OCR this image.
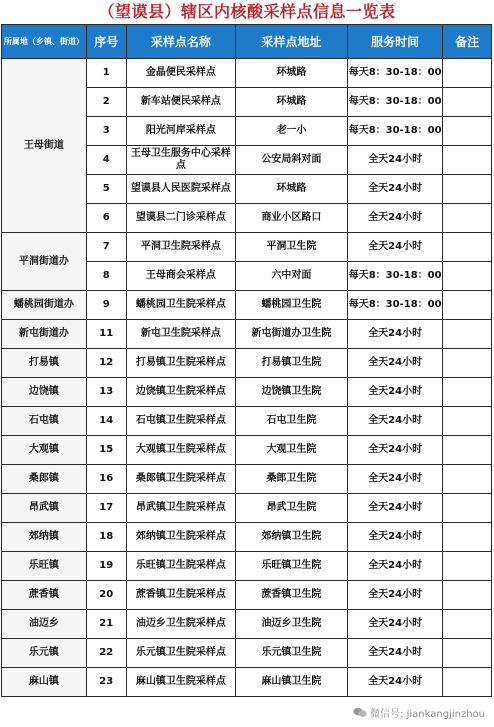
（望谟县）辖区内核酸采样点信息一览表
所属地（乡镇、街道）	序号	采样点名称	采样点地址	服务时间	备注
王母街道	1	金晶便民采样点	环城路	每天8：30-18：00	
	2	新车站便民采样点	环城路	每天8：30-18：00	
	3	阳光河岸采样点	老一小	每天8：30-18：00	
	4	王母卫生服务中心采样点	公安局斜对面	全天24小时	
	5	望谟县人民医院采样点	环城路	全天24小时	
	6	望谟县二门诊采样点	商业小区路口	全天24小时	
平洞街道办	7	平洞卫生院采样点	平洞卫生院	全天24小时	
	8	王母商会采样点	六中对面	每天8：30-18：00	
蟠桃园街道办	9	蟠桃园卫生院采样点	蟠桃园卫生院	每天8：30-18：00	
新屯街道办	11	新屯卫生院采样点	新屯街道办卫生院	全天24小时	
打易镇	12	打易镇卫生院采样点	打易镇卫生院	全天24小时	
边饶镇	13	边饶镇卫生院采样点	边饶镇卫生院	全天24小时	
石屯镇	14	石屯镇卫生院采样点	石屯卫生院	全天24小时	
大观镇	15	大观镇卫生院采样点	大观卫生院	全天24小时	
桑郎镇	16	桑郎镇卫生院采样点	桑郎卫生院	全天24小时	
昂武镇	17	昂武镇卫生院采样点	昂武卫生院	全天24小时	
郊纳镇	18	郊纳镇卫生院采样点	郊纳镇卫生院	全天24小时	
乐旺镇	19	乐旺镇卫生院采样点	乐旺镇卫生院	全天24小时	
蔗香镇	20	蔗香镇卫生院采样点	蔗香镇卫生院	全天24小时	
油迈乡	21	油迈乡卫生院采样点	油迈乡卫生院	全天24小时	
乐元镇	22	乐元镇卫生院采样点	乐元镇卫生院	全天24小时	
麻山镇	23	麻山镇卫生院采样点	麻山镇卫生院	全天24小时	
微信号: jiankangjinzhou
